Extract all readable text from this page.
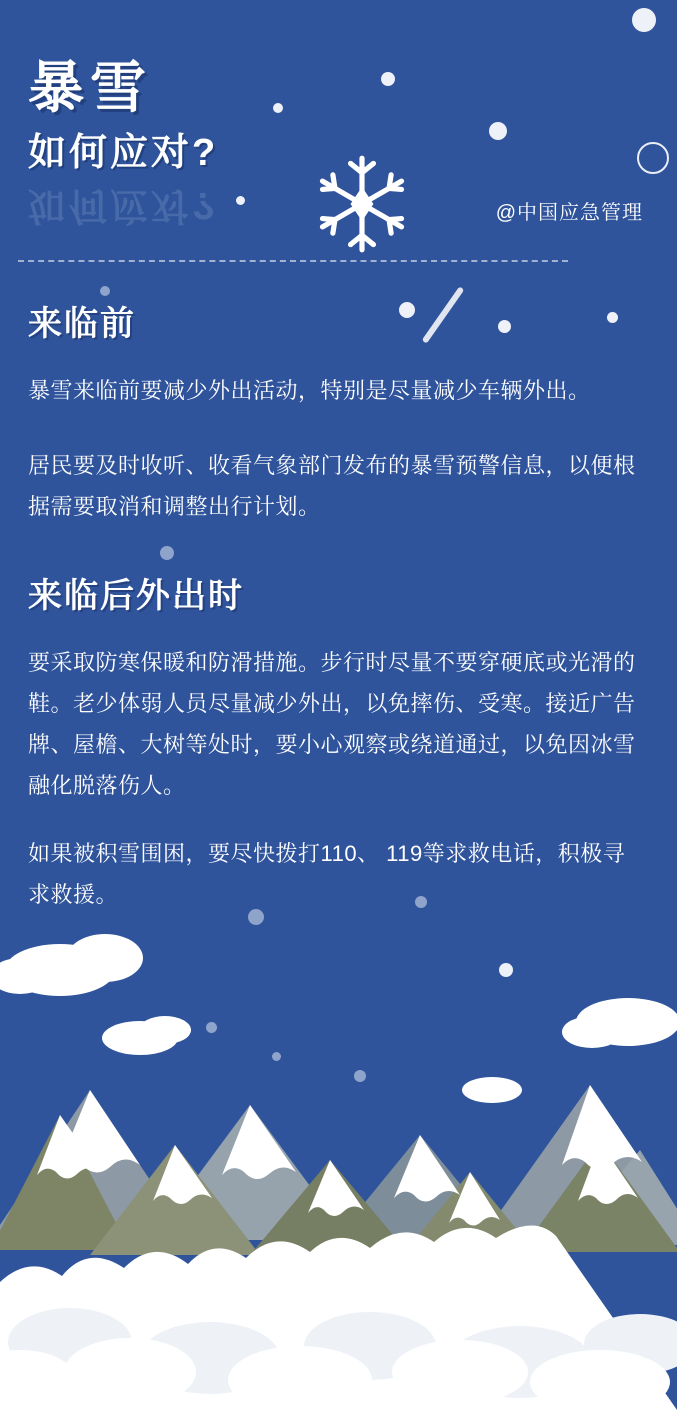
暴雪
如何应对?
如何应对?	@中国应急管理
来临前
暴雪来临前要减少外出活动，特别是尽量减少车辆外出。
居民要及时收听、收看气象部门发布的暴雪预警信息，以便根据需要取消和调整出行计划。
来临后外出时
要采取防寒保暖和防滑措施。步行时尽量不要穿硬底或光滑的鞋。老少体弱人员尽量减少外出，以免摔伤、受寒。接近广告牌、屋檐、大树等处时，要小心观察或绕道通过，以免因冰雪融化脱落伤人。
如果被积雪围困，要尽快拨打110、 119等求救电话，积极寻求救援。
